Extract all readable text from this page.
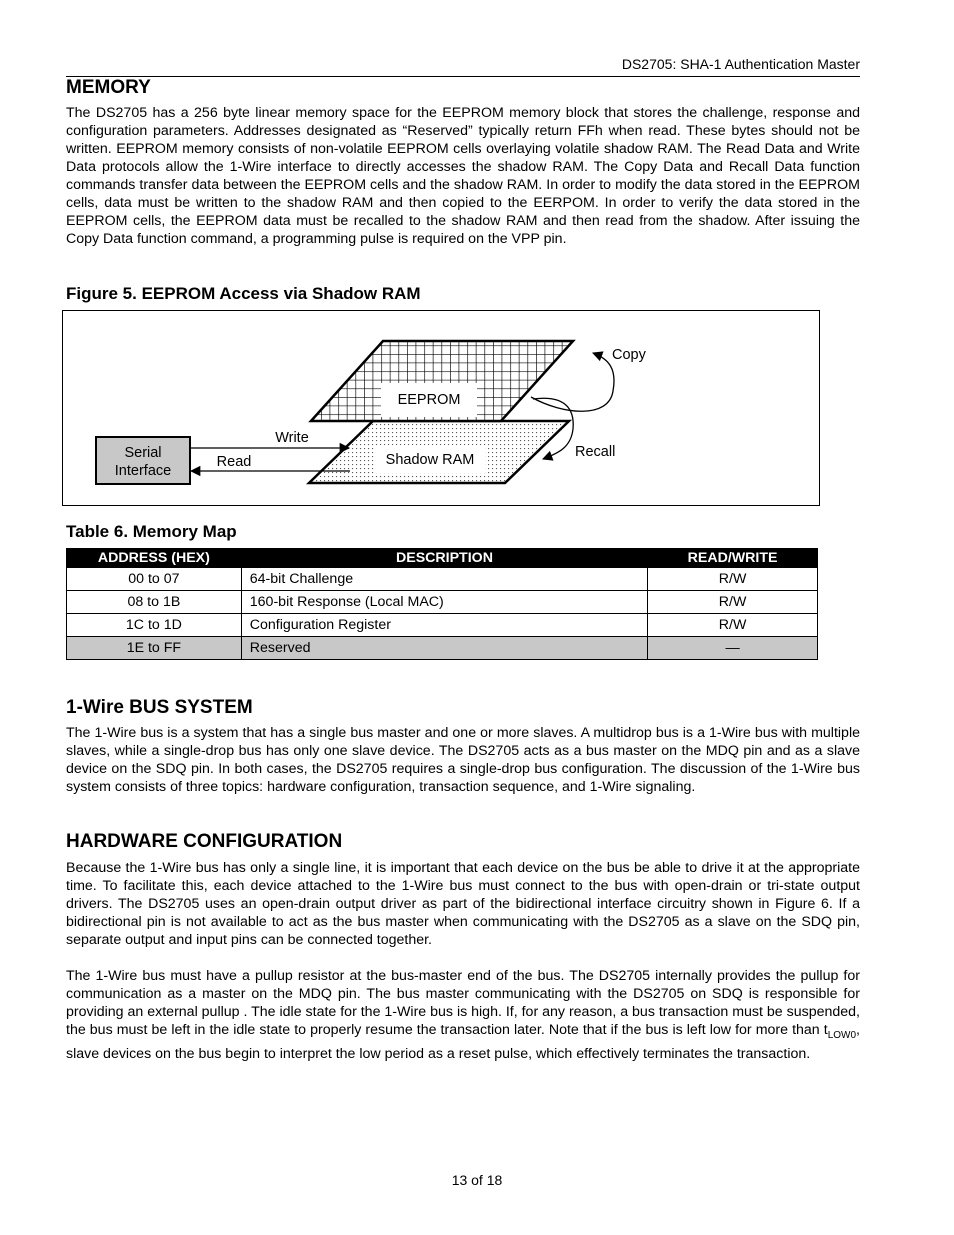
DS2705: SHA-1 Authentication Master
MEMORY

The DS2705 has a 256 byte linear memory space for the EEPROM memory block that stores the challenge, response and configuration parameters. Addresses designated as “Reserved” typically return FFh when read. These bytes should not be written. EEPROM memory consists of non-volatile EEPROM cells overlaying volatile shadow RAM. The Read Data and Write Data protocols allow the 1-Wire interface to directly accesses the shadow RAM. The Copy Data and Recall Data function commands transfer data between the EEPROM cells and the shadow RAM. In order to modify the data stored in the EEPROM cells, data must be written to the shadow RAM and then copied to the EERPOM. In order to verify the data stored in the EEPROM cells, the EEPROM data must be recalled to the shadow RAM and then read from the shadow. After issuing the Copy Data function command, a programming pulse is required on the VPP pin.

Figure 5. EEPROM Access via Shadow RAM
EEPROM
Shadow RAM
Serial
Interface
Write
Read
Copy
Recall
Table 6. Memory Map
ADDRESS (HEX)	DESCRIPTION	READ/WRITE
00 to 07	64-bit Challenge	R/W
08 to 1B	160-bit Response (Local MAC)	R/W
1C to 1D	Configuration Register	R/W
1E to FF	Reserved	—
1-Wire BUS SYSTEM

The 1-Wire bus is a system that has a single bus master and one or more slaves. A multidrop bus is a 1-Wire bus with multiple slaves, while a single-drop bus has only one slave device. The DS2705 acts as a bus master on the MDQ pin and as a slave device on the SDQ pin. In both cases, the DS2705 requires a single-drop bus configuration. The discussion of the 1-Wire bus system consists of three topics: hardware configuration, transaction sequence, and 1-Wire signaling.

HARDWARE CONFIGURATION

Because the 1-Wire bus has only a single line, it is important that each device on the bus be able to drive it at the appropriate time. To facilitate this, each device attached to the 1-Wire bus must connect to the bus with open-drain or tri-state output drivers. The DS2705 uses an open-drain output driver as part of the bidirectional interface circuitry shown in Figure 6. If a bidirectional pin is not available to act as the bus master when communicating with the DS2705 as a slave on the SDQ pin, separate output and input pins can be connected together.

The 1-Wire bus must have a pullup resistor at the bus-master end of the bus. The DS2705 internally provides the pullup for communication as a master on the MDQ pin. The bus master communicating with the DS2705 on SDQ is responsible for providing an external pullup . The idle state for the 1-Wire bus is high. If, for any reason, a bus transaction must be suspended, the bus must be left in the idle state to properly resume the transaction later. Note that if the bus is left low for more than $t_{LOW0}$, slave devices on the bus begin to interpret the low period as a reset pulse, which effectively terminates the transaction.

13 of 18
